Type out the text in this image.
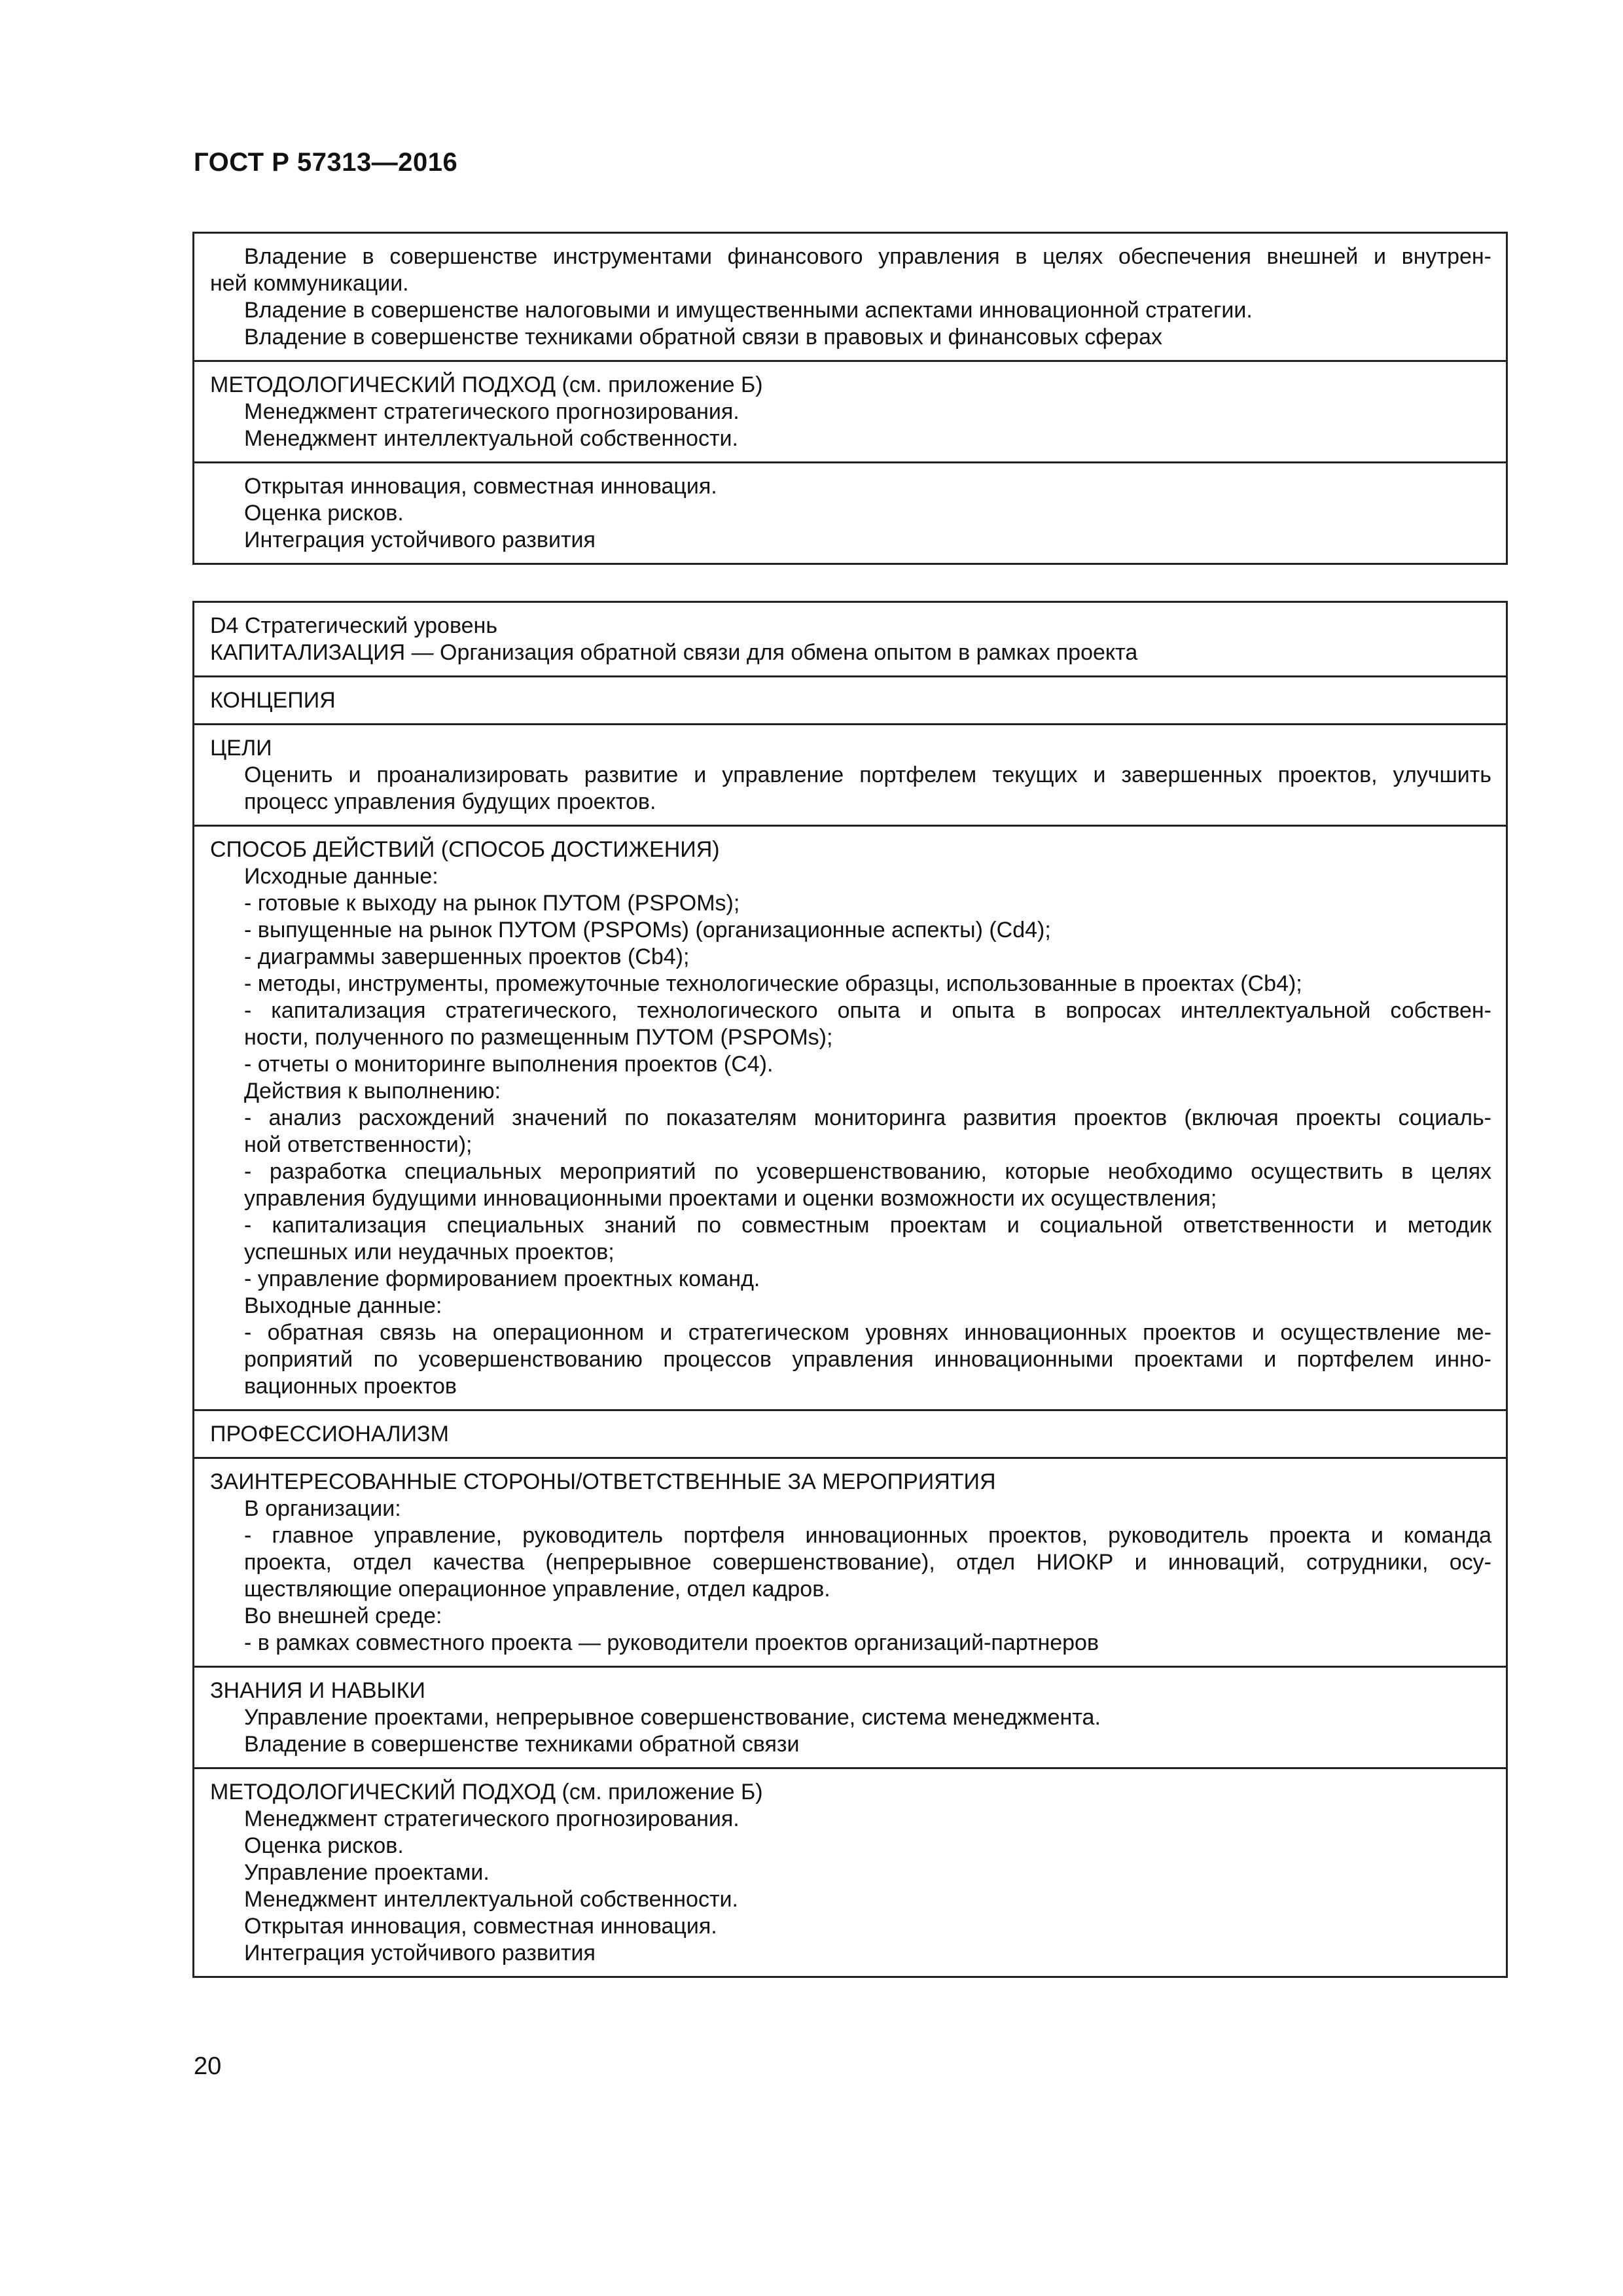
ГОСТ Р 57313—2016
Владение в совершенстве инструментами финансового управления в целях обеспечения внешней и внутрен-
ней коммуникации.
Владение в совершенстве налоговыми и имущественными аспектами инновационной стратегии.
Владение в совершенстве техниками обратной связи в правовых и финансовых сферах
МЕТОДОЛОГИЧЕСКИЙ ПОДХОД (см. приложение Б)
Менеджмент стратегического прогнозирования.
Менеджмент интеллектуальной собственности.
Открытая инновация, совместная инновация.
Оценка рисков.
Интеграция устойчивого развития
D4 Стратегический уровень
КАПИТАЛИЗАЦИЯ — Организация обратной связи для обмена опытом в рамках проекта
КОНЦЕПИЯ
ЦЕЛИ
Оценить и проанализировать развитие и управление портфелем текущих и завершенных проектов, улучшить
процесс управления будущих проектов.
СПОСОБ ДЕЙСТВИЙ (СПОСОБ ДОСТИЖЕНИЯ)
Исходные данные:
- готовые к выходу на рынок ПУТОМ (PSPOMs);
- выпущенные на рынок ПУТОМ (PSPOMs) (организационные аспекты) (Cd4);
- диаграммы завершенных проектов (Cb4);
- методы, инструменты, промежуточные технологические образцы, использованные в проектах (Cb4);
- капитализация стратегического, технологического опыта и опыта в вопросах интеллектуальной собствен-
ности, полученного по размещенным ПУТОМ (PSPOMs);
- отчеты о мониторинге выполнения проектов (C4).
Действия к выполнению:
- анализ расхождений значений по показателям мониторинга развития проектов (включая проекты социаль-
ной ответственности);
- разработка специальных мероприятий по усовершенствованию, которые необходимо осуществить в целях
управления будущими инновационными проектами и оценки возможности их осуществления;
- капитализация специальных знаний по совместным проектам и социальной ответственности и методик
успешных или неудачных проектов;
- управление формированием проектных команд.
Выходные данные:
- обратная связь на операционном и стратегическом уровнях инновационных проектов и осуществление ме-
роприятий по усовершенствованию процессов управления инновационными проектами и портфелем инно-
вационных проектов
ПРОФЕССИОНАЛИЗМ
ЗАИНТЕРЕСОВАННЫЕ СТОРОНЫ/ОТВЕТСТВЕННЫЕ ЗА МЕРОПРИЯТИЯ
В организации:
- главное управление, руководитель портфеля инновационных проектов, руководитель проекта и команда
проекта, отдел качества (непрерывное совершенствование), отдел НИОКР и инноваций, сотрудники, осу-
ществляющие операционное управление, отдел кадров.
Во внешней среде:
- в рамках совместного проекта — руководители проектов организаций-партнеров
ЗНАНИЯ И НАВЫКИ
Управление проектами, непрерывное совершенствование, система менеджмента.
Владение в совершенстве техниками обратной связи
МЕТОДОЛОГИЧЕСКИЙ ПОДХОД (см. приложение Б)
Менеджмент стратегического прогнозирования.
Оценка рисков.
Управление проектами.
Менеджмент интеллектуальной собственности.
Открытая инновация, совместная инновация.
Интеграция устойчивого развития
20
